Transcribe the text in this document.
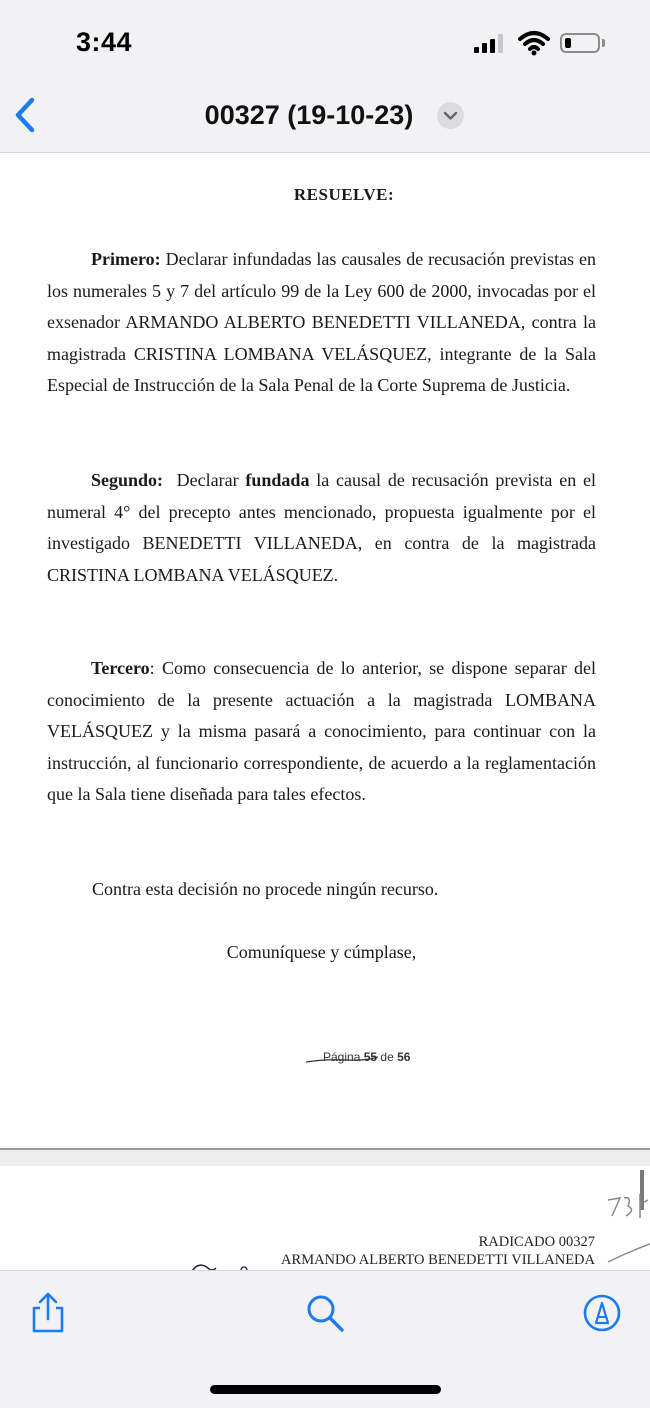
3:44
00327 (19-10-23)
RESUELVE:

Primero: Declarar infundadas las causales de recusación previstas en los numerales 5 y 7 del artículo 99 de la Ley 600 de 2000, invocadas por el exsenador ARMANDO ALBERTO BENEDETTI VILLANEDA, contra la magistrada CRISTINA LOMBANA VELÁSQUEZ, integrante de la Sala Especial de Instrucción de la Sala Penal de la Corte Suprema de Justicia.

Segundo:  Declarar fundada la causal de recusación prevista en el numeral 4° del precepto antes mencionado, propuesta igualmente por el investigado BENEDETTI VILLANEDA, en contra de la magistrada CRISTINA LOMBANA VELÁSQUEZ.

Tercero: Como consecuencia de lo anterior, se dispone separar del conocimiento de la presente actuación a la magistrada LOMBANA VELÁSQUEZ y la misma pasará a conocimiento, para continuar con la instrucción, al funcionario correspondiente, de acuerdo a la reglamentación que la Sala tiene diseñada para tales efectos.

Contra esta decisión no procede ningún recurso.
Comuníquese y cúmplase,
Página 55 de 56
RADICADO 00327
ARMANDO ALBERTO BENEDETTI VILLANEDA
